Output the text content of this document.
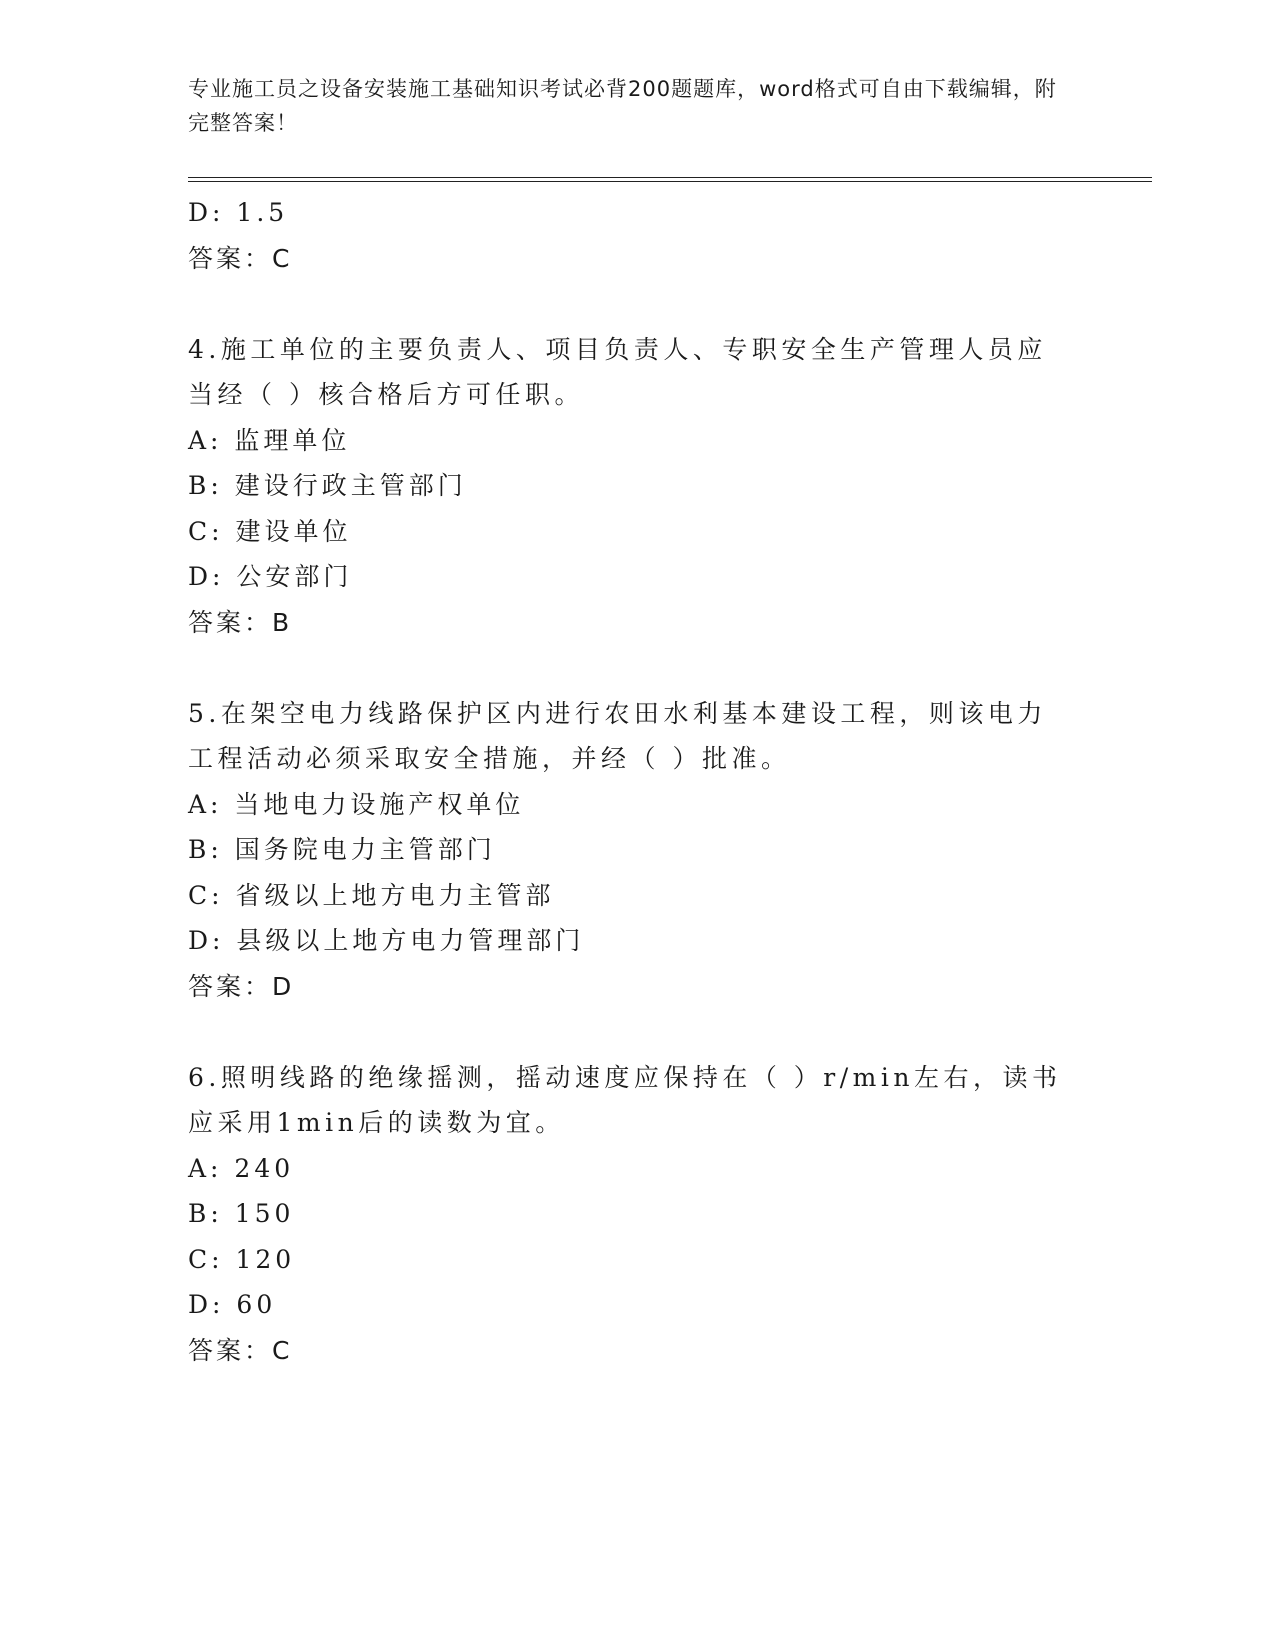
专业施工员之设备安装施工基础知识考试必背200题题库，word格式可自由下载编辑，附完整答案！
D: 1.5
答案：C
4.施工单位的主要负责人、项目负责人、专职安全生产管理人员应当经（ ）核合格后方可任职。
A: 监理单位
B: 建设行政主管部门
C: 建设单位
D: 公安部门
答案：B
5.在架空电力线路保护区内进行农田水利基本建设工程，则该电力工程活动必须采取安全措施，并经（ ）批准。
A: 当地电力设施产权单位
B: 国务院电力主管部门
C: 省级以上地方电力主管部
D: 县级以上地方电力管理部门
答案：D
6.照明线路的绝缘摇测，摇动速度应保持在（ ）r/min左右，读书应采用1min后的读数为宜。
A: 240
B: 150
C: 120
D: 60
答案：C
